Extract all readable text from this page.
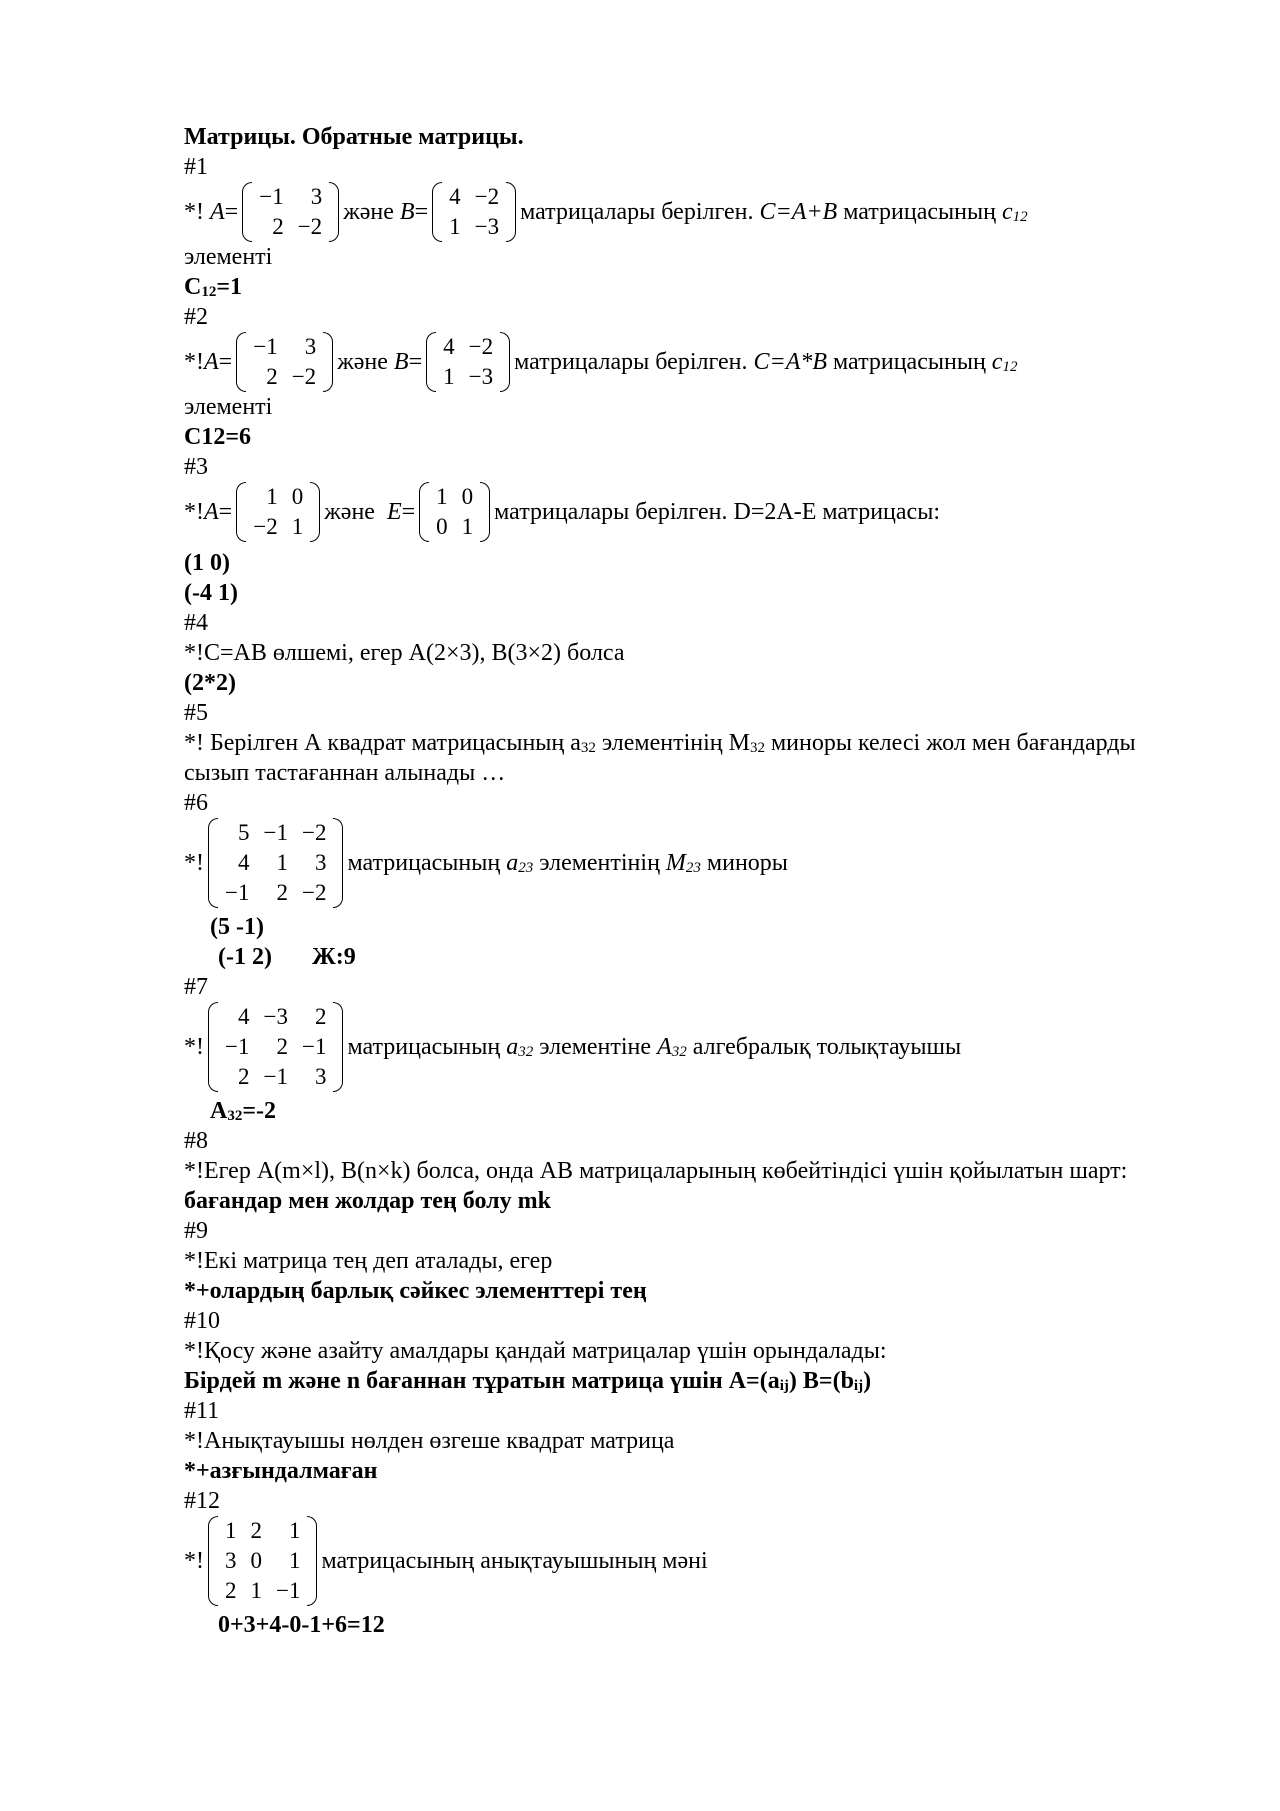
Матрицы. Обратные матрицы.
#1
*! A =
−1	3
2	−2
және B =
4	−2
1	−3
матрицалары берілген. C=A+B матрицасының c12
элементі
C12=1
#2
*! A =
−1	3
2	−2
және B =
4	−2
1	−3
матрицалары берілген. C=A*B матрицасының c12
элементі
C12=6
#3
*! A =
1	0
−2	1
және E =
1	0
0	1
матрицалары берілген. D=2A-E матрицасы:
(1 0)
(-4 1)
#4
*!C=AB өлшемі, егер A(2×3), B(3×2) болса
(2*2)
#5
*! Берілген А квадрат матрицасының а32 элементінің М32 миноры келесі жол мен бағандарды сызып тастағаннан алынады …
#6
*!
5	−1	−2
4	1	3
−1	2	−2
матрицасының a23 элементінің M23 миноры
(5 -1)
(-1 2) Ж:9
#7
*!
4	−3	2
−1	2	−1
2	−1	3
матрицасының a32 элементіне A32 алгебралық толықтауышы
A32=-2
#8
*!Егер A(m×l), B(n×k) болса, онда AB матрицаларының көбейтіндісі үшін қойылатын шарт: бағандар мен жолдар тең болу mk
#9
*!Екі матрица тең деп аталады, егер
*+олардың барлық сәйкес элементтері тең
#10
*!Қосу және азайту амалдары қандай матрицалар үшін орындалады:
Бірдей m және n бағаннан тұратын матрица үшін A=(aij) B=(bij)
#11
*!Анықтауышы нөлден өзгеше квадрат матрица
*+азғындалмаған
#12
*!
1	2	1
3	0	1
2	1	−1
матрицасының анықтауышының мәні
0+3+4-0-1+6=12
